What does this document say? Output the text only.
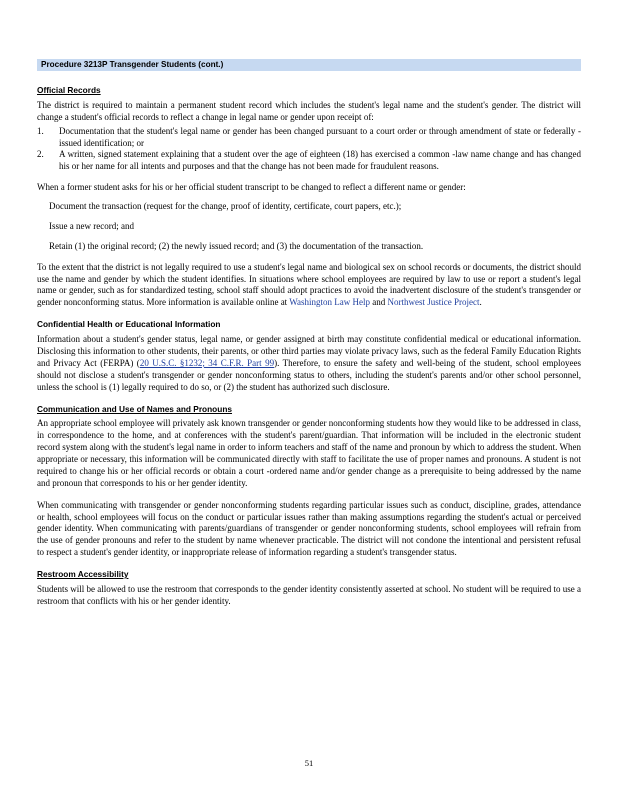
Procedure 3213P Transgender Students (cont.)
Official Records

The district is required to maintain a permanent student record which includes the student's legal name and the student's gender. The district will change a student's official records to reflect a change in legal name or gender upon receipt of:

1.	Documentation that the student's legal name or gender has been changed pursuant to a court order or through amendment of state or federally -issued identification; or
2.	A written, signed statement explaining that a student over the age of eighteen (18) has exercised a common -law name change and has changed his or her name for all intents and purposes and that the change has not been made for fraudulent reasons.

When a former student asks for his or her official student transcript to be changed to reflect a different name or gender:

Document the transaction (request for the change, proof of identity, certificate, court papers, etc.);
Issue a new record; and
Retain (1) the original record; (2) the newly issued record; and (3) the documentation of the transaction.

To the extent that the district is not legally required to use a student's legal name and biological sex on school records or documents, the district should use the name and gender by which the student identifies. In situations where school employees are required by law to use or report a student's legal name or gender, such as for standardized testing, school staff should adopt practices to avoid the inadvertent disclosure of the student's transgender or gender nonconforming status. More information is available online at Washington Law Help and Northwest Justice Project.

Confidential Health or Educational Information

Information about a student's gender status, legal name, or gender assigned at birth may constitute confidential medical or educational information. Disclosing this information to other students, their parents, or other third parties may violate privacy laws, such as the federal Family Education Rights and Privacy Act (FERPA) (20 U.S.C. §1232; 34 C.F.R. Part 99). Therefore, to ensure the safety and well-being of the student, school employees should not disclose a student's transgender or gender nonconforming status to others, including the student's parents and/or other school personnel, unless the school is (1) legally required to do so, or (2) the student has authorized such disclosure.

Communication and Use of Names and Pronouns

An appropriate school employee will privately ask known transgender or gender nonconforming students how they would like to be addressed in class, in correspondence to the home, and at conferences with the student's parent/guardian. That information will be included in the electronic student record system along with the student's legal name in order to inform teachers and staff of the name and pronoun by which to address the student. When appropriate or necessary, this information will be communicated directly with staff to facilitate the use of proper names and pronouns. A student is not required to change his or her official records or obtain a court -ordered name and/or gender change as a prerequisite to being addressed by the name and pronoun that corresponds to his or her gender identity.

When communicating with transgender or gender nonconforming students regarding particular issues such as conduct, discipline, grades, attendance or health, school employees will focus on the conduct or particular issues rather than making assumptions regarding the student's actual or perceived gender identity. When communicating with parents/guardians of transgender or gender nonconforming students, school employees will refrain from the use of gender pronouns and refer to the student by name whenever practicable. The district will not condone the intentional and persistent refusal to respect a student's gender identity, or inappropriate release of information regarding a student's transgender status.

Restroom Accessibility

Students will be allowed to use the restroom that corresponds to the gender identity consistently asserted at school. No student will be required to use a restroom that conflicts with his or her gender identity.

51
